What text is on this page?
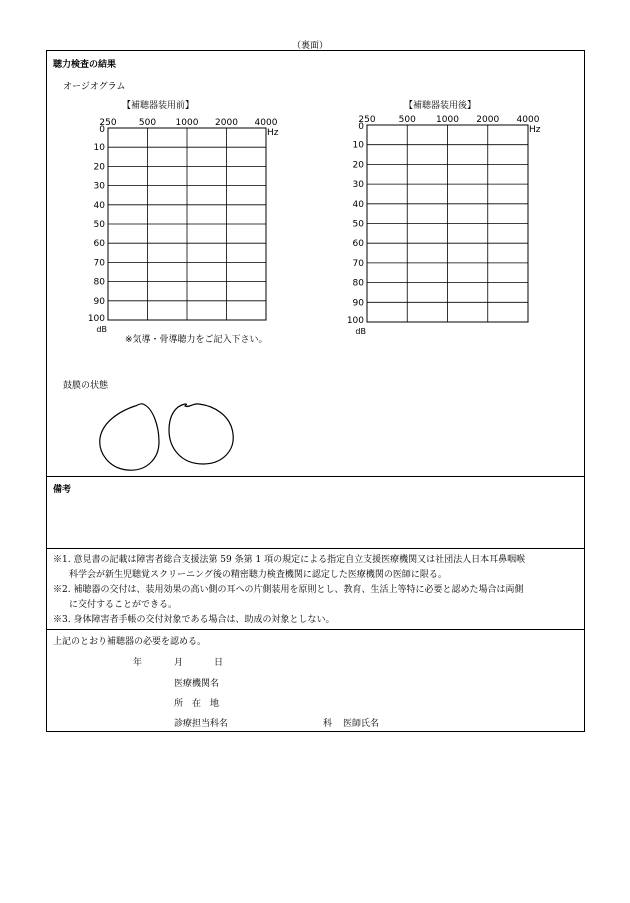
（裏面）
聴力検査の結果
オージオグラム
【補聴器装用前】
250 500 1000 2000 4000
Hz
0
10
20
30
40
50
60
70
80
90
100
dB
※気導・骨導聴力をご記入下さい。
【補聴器装用後】
250	500 1000 2000 4000
Hz
0
10
20
30
40
50
60
70
80
90
100
dB
鼓膜の状態
備考
※1. 意見書の記載は障害者総合支援法第 59 条第 1 項の規定による指定自立支援医療機関又は社団法人日本耳鼻咽喉
科学会が新生児聴覚スクリーニング後の精密聴力検査機関に認定した医療機関の医師に限る。
※2. 補聴器の交付は、装用効果の高い側の耳への片側装用を原則とし、教育、生活上等特に必要と認めた場合は両側
に交付することができる。
※3. 身体障害者手帳の交付対象である場合は、助成の対象としない。
上記のとおり補聴器の必要を認める。
年	月	日
医療機関名
所　在　地
診療担当科名	科 医師氏名
